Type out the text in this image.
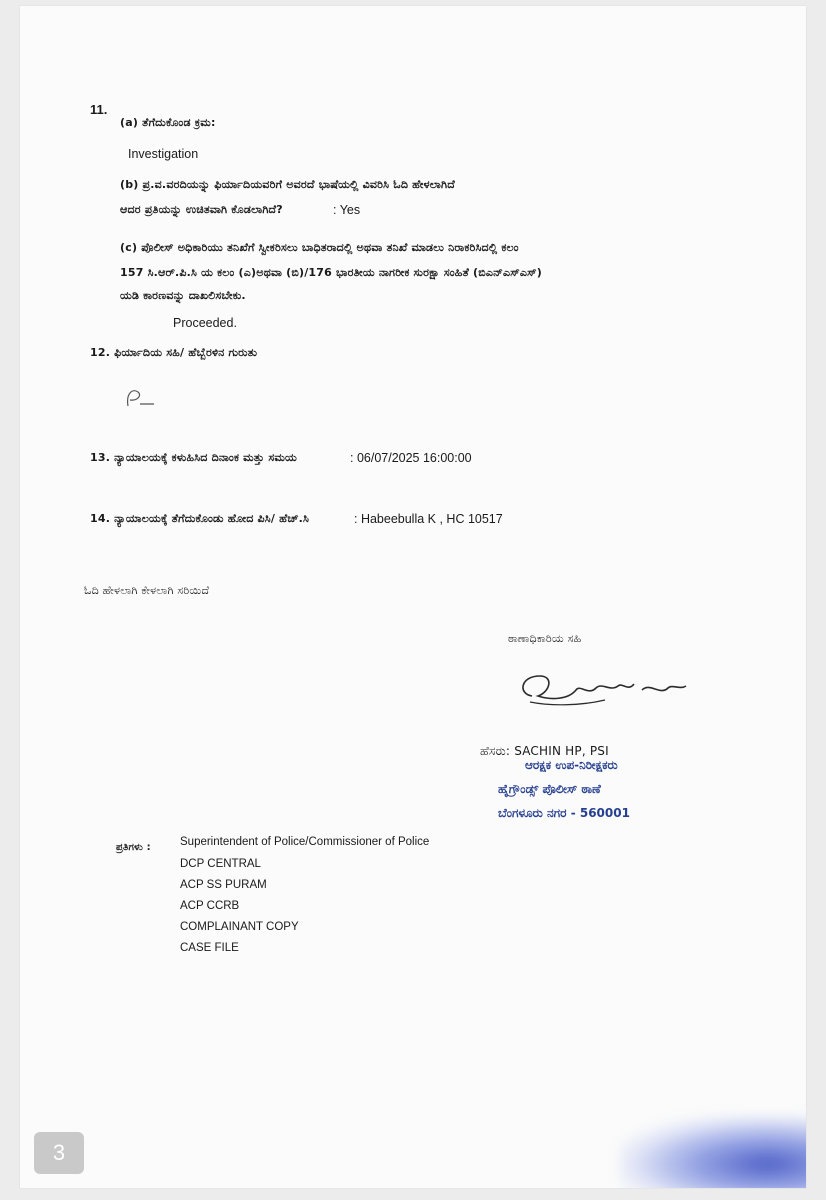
11.
(a) ತೆಗೆದುಕೊಂಡ ಕ್ರಮ:
Investigation
(b) ಪ್ರ.ವ.ವರದಿಯನ್ನು ಫಿರ್ಯಾದಿಯವರಿಗೆ ಅವರದೆ ಭಾಷೆಯಲ್ಲಿ ವಿವರಿಸಿ ಓದಿ ಹೇಳಲಾಗಿದೆ
ಆದರ ಪ್ರತಿಯನ್ನು ಉಚಿತವಾಗಿ ಕೊಡಲಾಗಿದೆ?	: Yes
(c) ಪೊಲೀಸ್ ಅಧಿಕಾರಿಯು ತನಿಖೆಗೆ ಸ್ವೀಕರಿಸಲು ಬಾಧಿತರಾದಲ್ಲಿ ಅಥವಾ ತನಿಖೆ ಮಾಡಲು ನಿರಾಕರಿಸಿದಲ್ಲಿ ಕಲಂ
157 ಸಿ.ಆರ್.ಪಿ.ಸಿ ಯ ಕಲಂ (ಎ)ಅಥವಾ (ಬಿ)/176 ಭಾರತೀಯ ನಾಗರೀಕ ಸುರಕ್ಷಾ ಸಂಹಿತೆ (ಬಿಎನ್‌ಎಸ್‌ಎಸ್)
ಯಡಿ ಕಾರಣವನ್ನು ದಾಖಲಿಸಬೇಕು.
Proceeded.
12. ಫಿರ್ಯಾದಿಯ ಸಹಿ/ ಹೆಬ್ಬೆರಳಿನ ಗುರುತು
13. ನ್ಯಾಯಾಲಯಕ್ಕೆ ಕಳುಹಿಸಿದ ದಿನಾಂಕ ಮತ್ತು ಸಮಯ	: 06/07/2025 16:00:00
14. ನ್ಯಾಯಾಲಯಕ್ಕೆ ತೆಗೆದುಕೊಂಡು ಹೋದ ಪಿಸಿ/ ಹೆಚ್.ಸಿ	: Habeebulla K , HC 10517
ಓದಿ ಹೇಳಲಾಗಿ ಕೇಳಲಾಗಿ ಸರಿಯಿದೆ
ಠಾಣಾಧಿಕಾರಿಯ ಸಹಿ
ಹೆಸರು: SACHIN HP, PSI
ಆರಕ್ಷಕ ಉಪ-ನಿರೀಕ್ಷಕರು
ಹೈಗ್ರೌಂಡ್ಸ್ ಪೊಲೀಸ್ ಠಾಣೆ
ಬೆಂಗಳೂರು ನಗರ - 560001
ಪ್ರತಿಗಳು :	Superintendent of Police/Commissioner of Police
DCP CENTRAL
ACP SS PURAM
ACP CCRB
COMPLAINANT COPY
CASE FILE
3
